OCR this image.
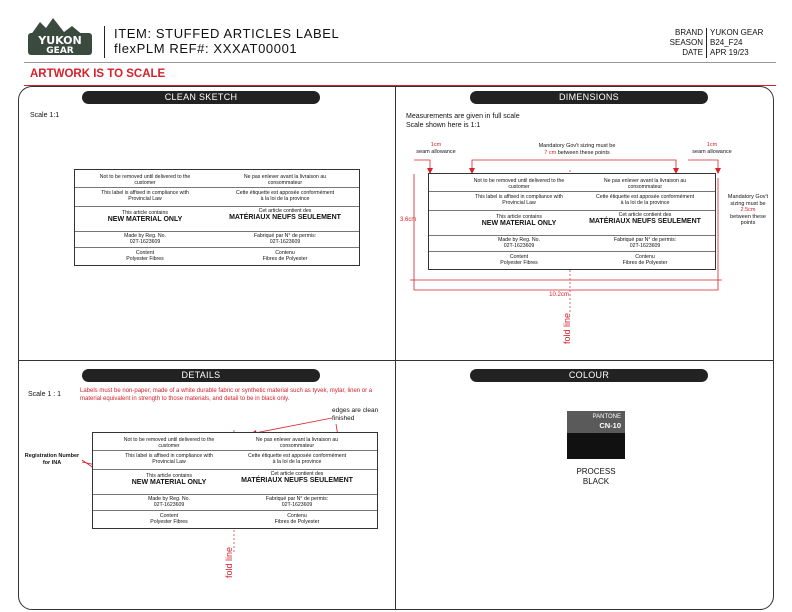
YUKON
GEAR
ITEM: STUFFED ARTICLES LABEL
flexPLM REF#: XXXAT00001
BRAND
SEASON
DATE
YUKON GEAR
B24_F24
APR 19/23
ARTWORK IS TO SCALE
CLEAN SKETCH
Scale 1:1
Not to be removed until delivered to the customer
Ne pas enlever avant la livraison au consommateur
This label is affixed in compliance with Provincial Law
Cette étiquette est apposée conformément à la loi de la province
This article contains
NEW MATERIAL ONLY
Cet article contient des
MATÉRIAUX NEUFS SEULEMENT
Made by Reg. No.
02T-1623609
Fabriqué par N° de permis:
02T-1623609
Content
Polyester Fibres
Contenu
Fibres de Polyester
DIMENSIONS
Measurements are given in full scale
Scale shown here is 1:1
1cm
seam allowance
1cm
seam allowance
Mandatory Gov't sizing must be
7 cm between these points
Mandatory Gov't sizing must be
2.5cm
between these points
3.6cm
10.2cm
fold line
Not to be removed until delivered to the customer
Ne pas enlever avant la livraison au consommateur
This label is affixed in compliance with Provincial Law
Cette étiquette est apposée conformément à la loi de la province
This article contains
NEW MATERIAL ONLY
Cet article contient des
MATÉRIAUX NEUFS SEULEMENT
Made by Reg. No.
02T-1623609
Fabriqué par N° de permis:
02T-1623609
Content
Polyester Fibres
Contenu
Fibres de Polyester
DETAILS
Scale 1 : 1	Labels must be non-paper, made of a white durable fabric or synthetic material such as tyvek, mylar, linen or a material equivalent in strength to those materials, and detail to be in black only.
edges are clean finished
Registration Number for INA
fold line
Not to be removed until delivered to the customer
Ne pas enlever avant la livraison au consommateur
This label is affixed in compliance with Provincial Law
Cette étiquette est apposée conformément à la loi de la province
This article contains
NEW MATERIAL ONLY
Cet article contient des
MATÉRIAUX NEUFS SEULEMENT
Made by Reg. No.
02T-1623609
Fabriqué par N° de permis:
02T-1623609
Content
Polyester Fibres
Contenu
Fibres de Polyester
COLOUR
PANTONE
CN-10
PROCESS
BLACK
